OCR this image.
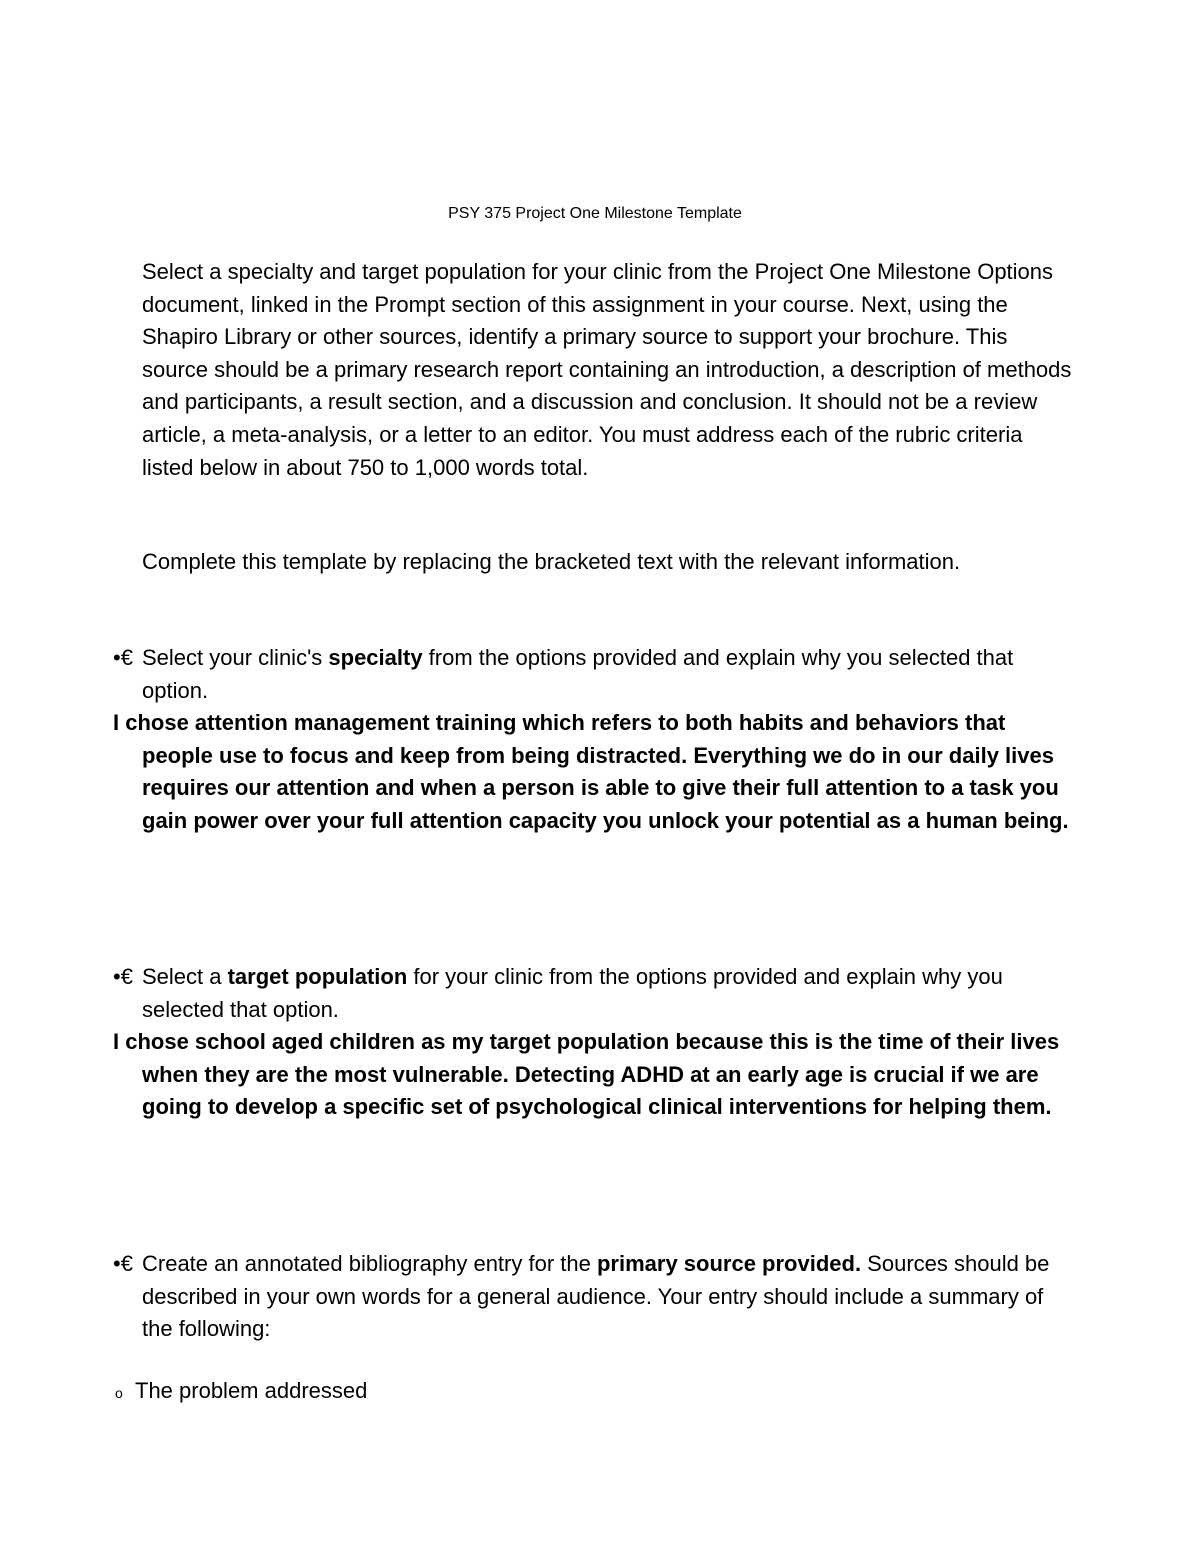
PSY 375 Project One Milestone Template

Select a specialty and target population for your clinic from the Project One Milestone Options document, linked in the Prompt section of this assignment in your course. Next, using the Shapiro Library or other sources, identify a primary source to support your brochure. This source should be a primary research report containing an introduction, a description of methods and participants, a result section, and a discussion and conclusion. It should not be a review article, a meta-analysis, or a letter to an editor. You must address each of the rubric criteria listed below in about 750 to 1,000 words total.

Complete this template by replacing the bracketed text with the relevant information.

•€ Select your clinic's specialty from the options provided and explain why you selected that option.

I chose attention management training which refers to both habits and behaviors that people use to focus and keep from being distracted. Everything we do in our daily lives requires our attention and when a person is able to give their full attention to a task you gain power over your full attention capacity you unlock your potential as a human being.

•€ Select a target population for your clinic from the options provided and explain why you selected that option.

I chose school aged children as my target population because this is the time of their lives when they are the most vulnerable. Detecting ADHD at an early age is crucial if we are going to develop a specific set of psychological clinical interventions for helping them.

•€ Create an annotated bibliography entry for the primary source provided. Sources should be described in your own words for a general audience. Your entry should include a summary of the following:

o The problem addressed
